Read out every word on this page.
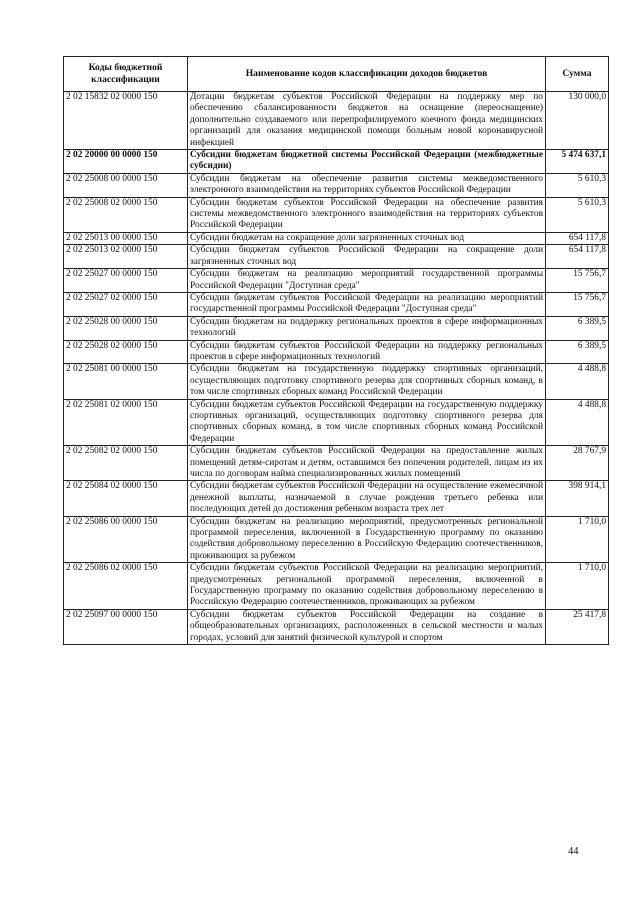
Коды бюджетной классификации	Наименование кодов классификации доходов бюджетов	Сумма
2 02 15832 02 0000 150	Дотации бюджетам субъектов Российской Федерации на поддержку мер по обеспечению сбалансированности бюджетов на оснащение (переоснащение) дополнительно создаваемого или перепрофилируемого коечного фонда медицинских организаций для оказания медицинской помощи больным новой коронавирусной инфекцией	130 000,0
2 02 20000 00 0000 150	Субсидии бюджетам бюджетной системы Российской Федерации (межбюджетные субсидии)	5 474 637,1
2 02 25008 00 0000 150	Субсидии бюджетам на обеспечение развития системы межведомственного электронного взаимодействия на территориях субъектов Российской Федерации	5 610,3
2 02 25008 02 0000 150	Субсидии бюджетам субъектов Российской Федерации на обеспечение развития системы межведомственного электронного взаимодействия на территориях субъектов Российской Федерации	5 610,3
2 02 25013 00 0000 150	Субсидии бюджетам на сокращение доли загрязненных сточных вод	654 117,8
2 02 25013 02 0000 150	Субсидии бюджетам субъектов Российской Федерации на сокращение доли загрязненных сточных вод	654 117,8
2 02 25027 00 0000 150	Субсидии бюджетам на реализацию мероприятий государственной программы Российской Федерации "Доступная среда"	15 756,7
2 02 25027 02 0000 150	Субсидии бюджетам субъектов Российской Федерации на реализацию мероприятий государственной программы Российской Федерации "Доступная среда"	15 756,7
2 02 25028 00 0000 150	Субсидии бюджетам на поддержку региональных проектов в сфере информационных технологий	6 389,5
2 02 25028 02 0000 150	Субсидии бюджетам субъектов Российской Федерации на поддержку региональных проектов в сфере информационных технологий	6 389,5
2 02 25081 00 0000 150	Субсидии бюджетам на государственную поддержку спортивных организаций, осуществляющих подготовку спортивного резерва для спортивных сборных команд, в том числе спортивных сборных команд Российской Федерации	4 488,8
2 02 25081 02 0000 150	Субсидии бюджетам субъектов Российской Федерации на государственную поддержку спортивных организаций, осуществляющих подготовку спортивного резерва для спортивных сборных команд, в том числе спортивных сборных команд Российской Федерации	4 488,8
2 02 25082 02 0000 150	Субсидии бюджетам субъектов Российской Федерации на предоставление жилых помещений детям-сиротам и детям, оставшимся без попечения родителей, лицам из их числа по договорам найма специализированных жилых помещений	28 767,9
2 02 25084 02 0000 150	Субсидии бюджетам субъектов Российской Федерации на осуществление ежемесячной денежной выплаты, назначаемой в случае рождения третьего ребенка или последующих детей до достижения ребенком возраста трех лет	398 914,1
2 02 25086 00 0000 150	Субсидии бюджетам на реализацию мероприятий, предусмотренных региональной программой переселения, включенной в Государственную программу по оказанию содействия добровольному переселению в Российскую Федерацию соотечественников, проживающих за рубежом	1 710,0
2 02 25086 02 0000 150	Субсидии бюджетам субъектов Российской Федерации на реализацию мероприятий, предусмотренных региональной программой переселения, включенной в Государственную программу по оказанию содействия добровольному переселению в Российскую Федерацию соотечественников, проживающих за рубежом	1 710,0
2 02 25097 00 0000 150	Субсидии бюджетам субъектов Российской Федерации на создание в общеобразовательных организациях, расположенных в сельской местности и малых городах, условий для занятий физической культурой и спортом	25 417,8
44
